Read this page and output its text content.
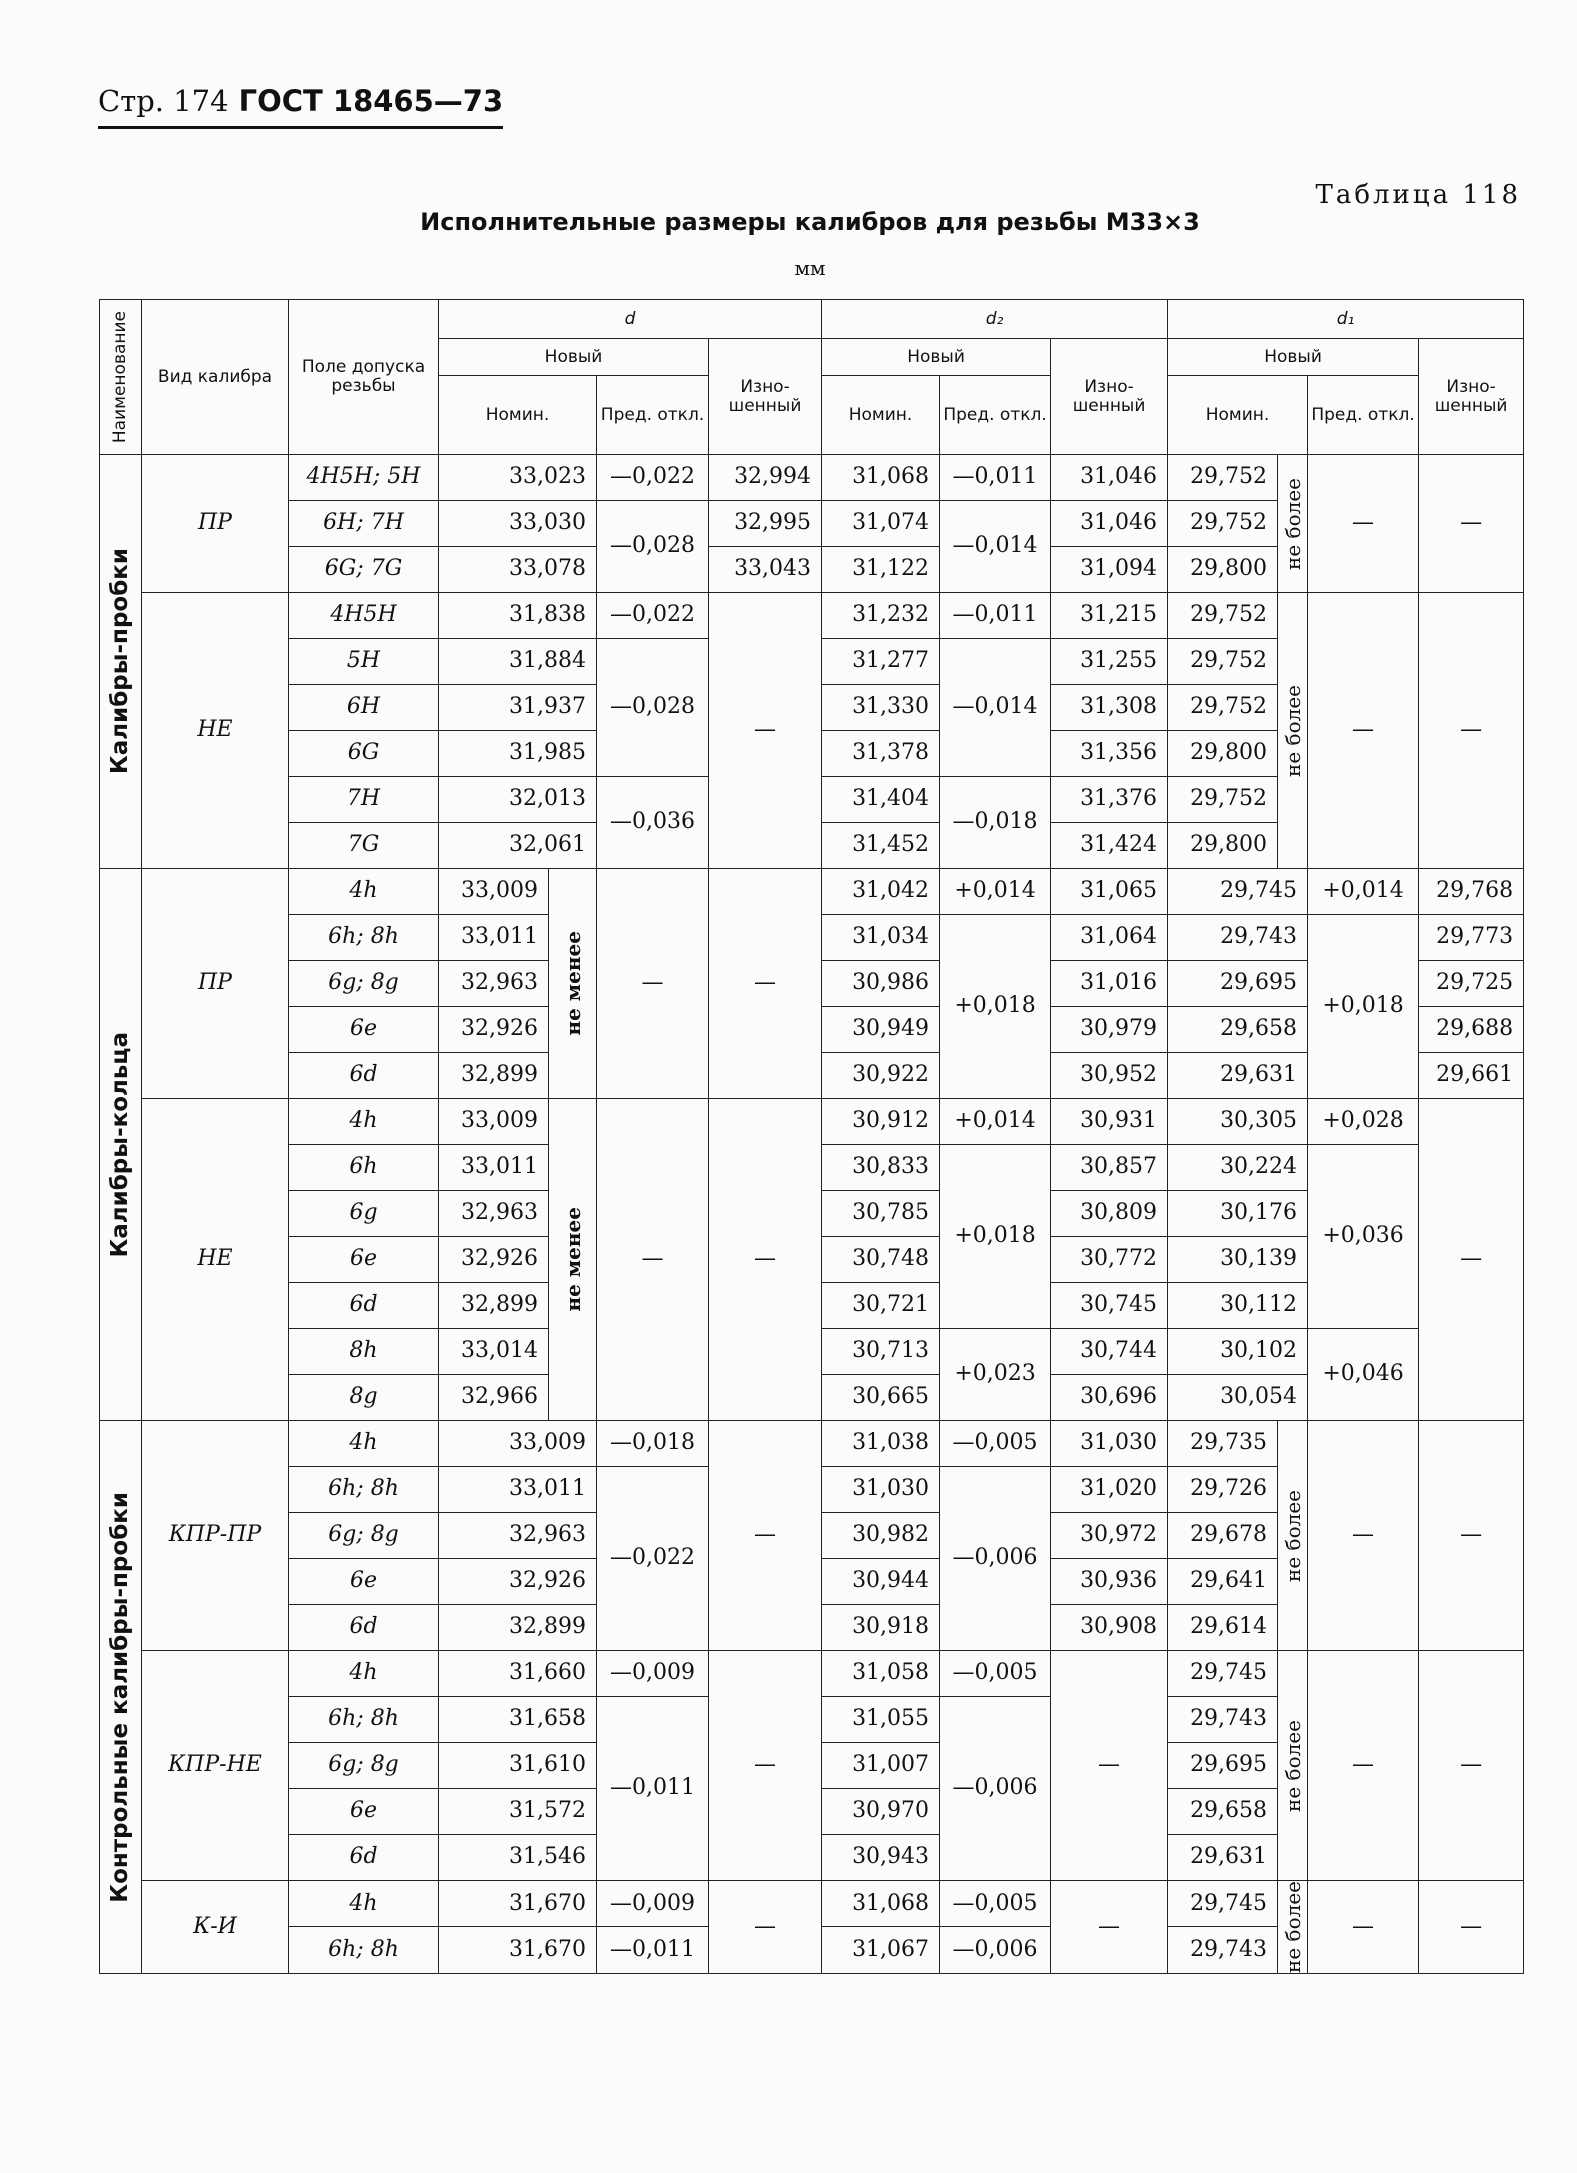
Стр. 174 ГОСТ 18465—73
Таблица 118
Исполнительные размеры калибров для резьбы М33×3
мм
Наименование	Вид калибра	Поле допуска резьбы	d				d₂			d₁			
			Новый			Изно-шенный	Новый		Изно-шенный	Новый			Изно-шенный
			Номин.		Пред. откл.		Номин.	Пред. откл.		Номин.		Пред. откл.	

Калибры-пробки	ПР	4H5H; 5H	33,023		—0,022	32,994	31,068	—0,011	31,046	29,752	не более	—	—
		6H; 7H	33,030		—0,028	32,995	31,074	—0,014	31,046	29,752			
		6G; 7G	33,078			33,043	31,122		31,094	29,800			
	НЕ	4H5H	31,838		—0,022	—	31,232	—0,011	31,215	29,752	не более	—	—
		5H	31,884		—0,028		31,277	—0,014	31,255	29,752			
		6H	31,937				31,330		31,308	29,752			
		6G	31,985				31,378		31,356	29,800			
		7H	32,013		—0,036		31,404	—0,018	31,376	29,752			
		7G	32,061				31,452		31,424	29,800			

Калибры-кольца	ПР	4h	33,009	не менее	—	—	31,042	+0,014	31,065	29,745		+0,014	29,768
		6h; 8h	33,011				31,034	+0,018	31,064	29,743		+0,018	29,773
		6g; 8g	32,963				30,986		31,016	29,695			29,725
		6e	32,926				30,949		30,979	29,658			29,688
		6d	32,899				30,922		30,952	29,631			29,661
	НЕ	4h	33,009	не менее	—	—	30,912	+0,014	30,931	30,305		+0,028	—
		6h	33,011				30,833	+0,018	30,857	30,224		+0,036	
		6g	32,963				30,785		30,809	30,176			
		6e	32,926				30,748		30,772	30,139			
		6d	32,899				30,721		30,745	30,112			
		8h	33,014				30,713	+0,023	30,744	30,102		+0,046	
		8g	32,966				30,665		30,696	30,054			

Контрольные калибры-пробки	КПР-ПР	4h	33,009		—0,018	—	31,038	—0,005	31,030	29,735	не более	—	—
		6h; 8h	33,011		—0,022		31,030	—0,006	31,020	29,726			
		6g; 8g	32,963				30,982		30,972	29,678			
		6e	32,926				30,944		30,936	29,641			
		6d	32,899				30,918		30,908	29,614			
	КПР-НЕ	4h	31,660		—0,009	—	31,058	—0,005	—	29,745	не более	—	—
		6h; 8h	31,658		—0,011		31,055	—0,006		29,743			
		6g; 8g	31,610				31,007			29,695			
		6e	31,572				30,970			29,658			
		6d	31,546				30,943			29,631			
	К-И	4h	31,670		—0,009	—	31,068	—0,005	—	29,745	не более	—	—
		6h; 8h	31,670		—0,011		31,067	—0,006		29,743			
